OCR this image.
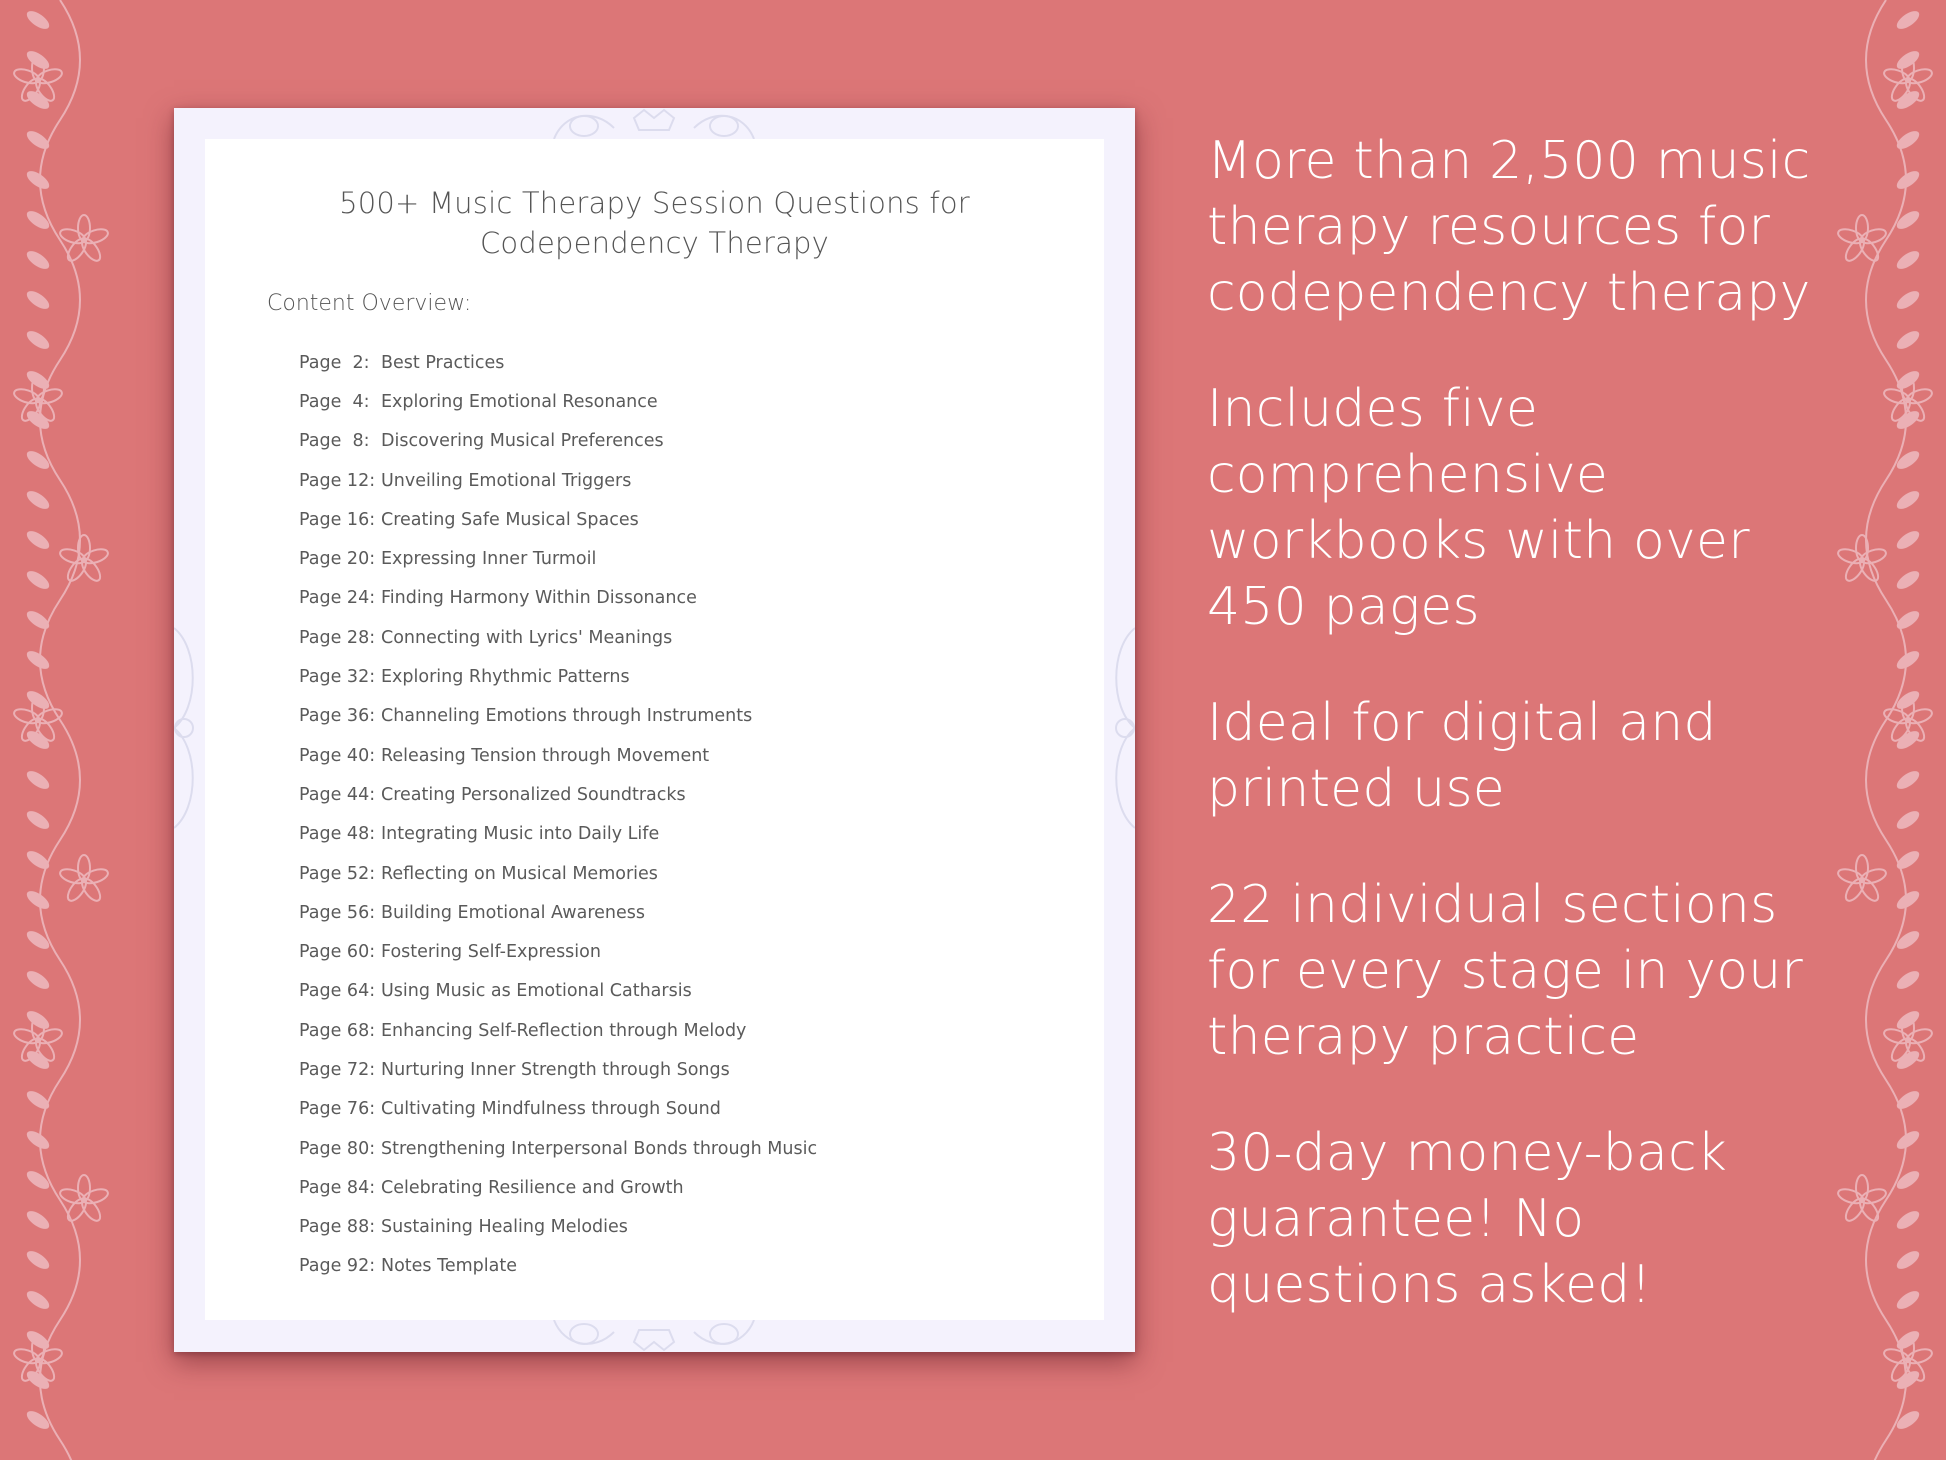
500+ Music Therapy Session Questions for
Codependency Therapy
Content Overview:
Page  2: Best Practices
Page  4: Exploring Emotional Resonance
Page  8: Discovering Musical Preferences
Page 12: Unveiling Emotional Triggers
Page 16: Creating Safe Musical Spaces
Page 20: Expressing Inner Turmoil
Page 24: Finding Harmony Within Dissonance
Page 28: Connecting with Lyrics' Meanings
Page 32: Exploring Rhythmic Patterns
Page 36: Channeling Emotions through Instruments
Page 40: Releasing Tension through Movement
Page 44: Creating Personalized Soundtracks
Page 48: Integrating Music into Daily Life
Page 52: Reflecting on Musical Memories
Page 56: Building Emotional Awareness
Page 60: Fostering Self-Expression
Page 64: Using Music as Emotional Catharsis
Page 68: Enhancing Self-Reflection through Melody
Page 72: Nurturing Inner Strength through Songs
Page 76: Cultivating Mindfulness through Sound
Page 80: Strengthening Interpersonal Bonds through Music
Page 84: Celebrating Resilience and Growth
Page 88: Sustaining Healing Melodies
Page 92: Notes Template
More than 2,500 music
therapy resources for
codependency therapy
Includes five
comprehensive
workbooks with over
450 pages
Ideal for digital and
printed use
22 individual sections
for every stage in your
therapy practice
30-day money-back
guarantee! No
questions asked!
